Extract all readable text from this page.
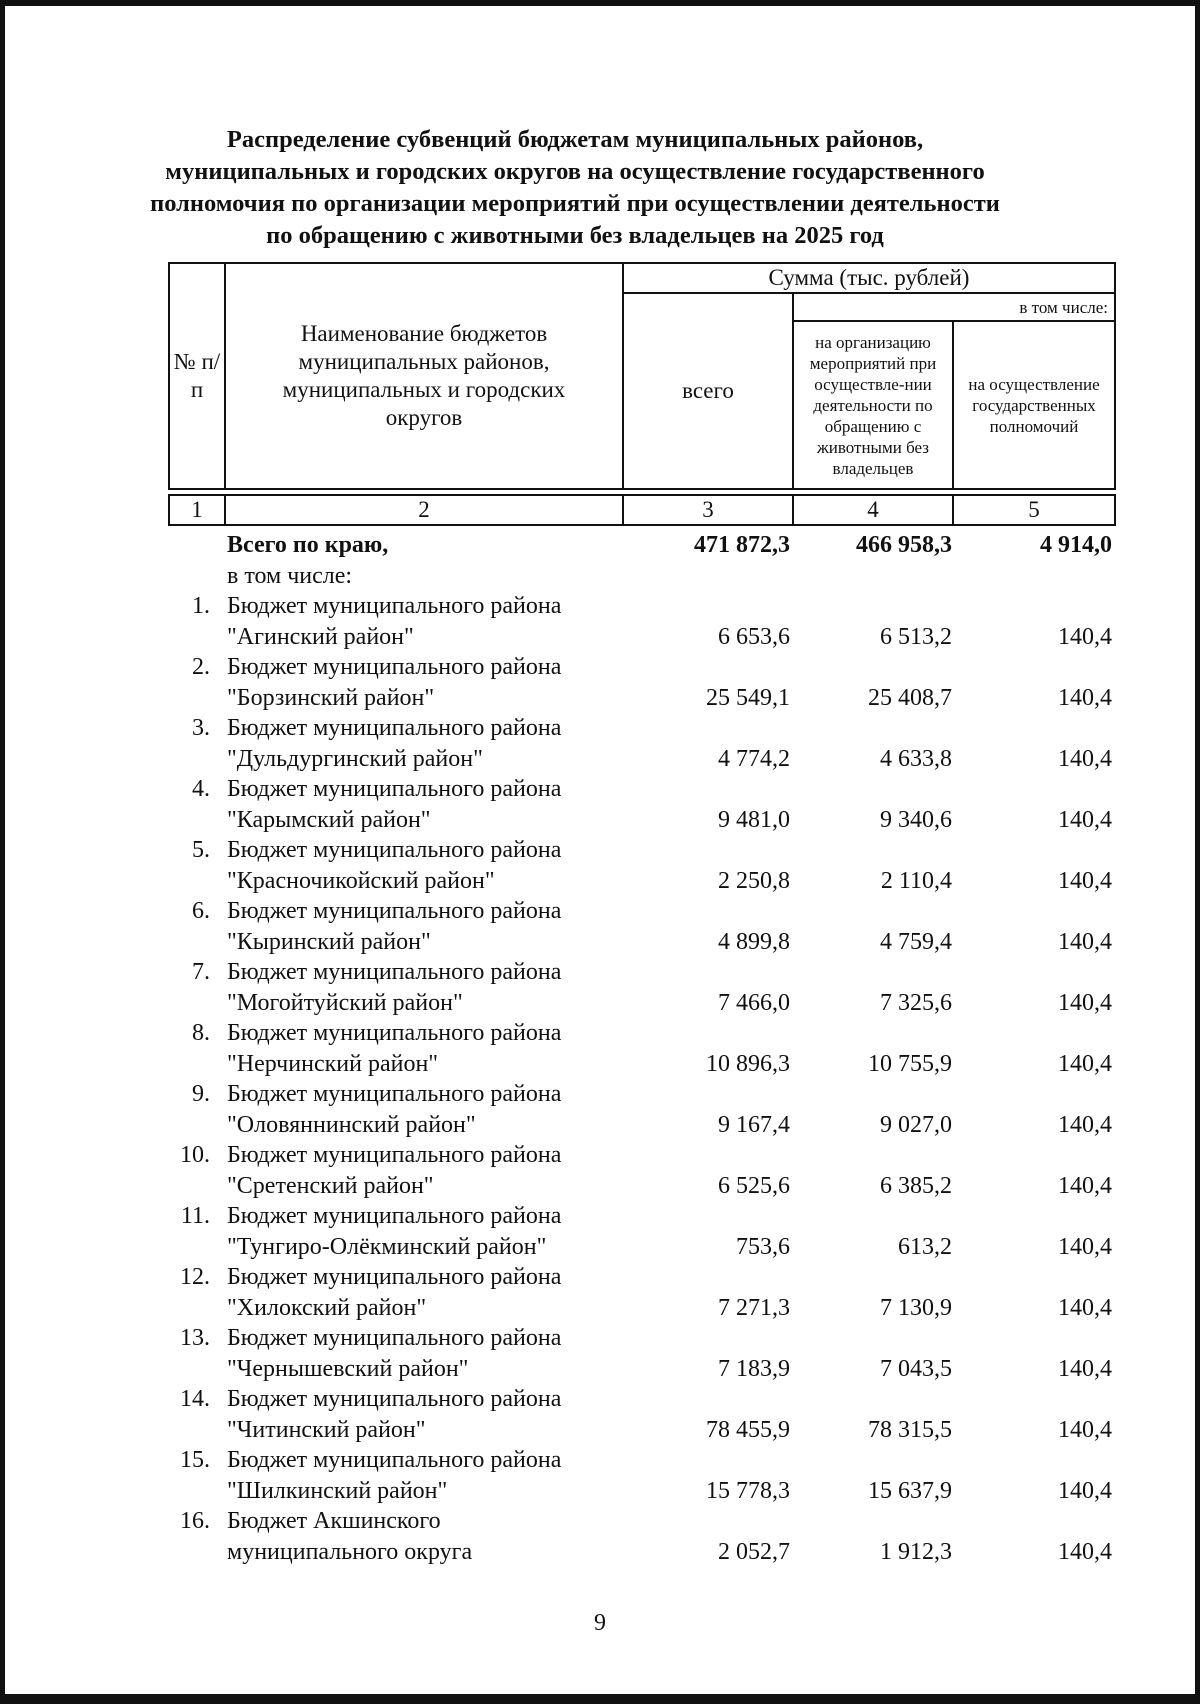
Распределение субвенций бюджетам муниципальных районов, муниципальных и городских округов на осуществление государственного полномочия по организации мероприятий при осуществлении деятельности по обращению с животными без владельцев на 2025 год
№ п/п	Наименование бюджетов муниципальных районов, муниципальных и городских округов	Сумма (тыс. рублей)		
		всего	в том числе:	
			на организацию мероприятий при осуществле-нии деятельности по обращению с животными без владельцев	на осуществление государственных полномочий

1	2	3	4	5
Всего по краю,	471 872,3	466 958,3	4 914,0
в том числе:
1. Бюджет муниципального района
"Агинский район"	6 653,6	6 513,2	140,4
2. Бюджет муниципального района
"Борзинский район"	25 549,1	25 408,7	140,4
3. Бюджет муниципального района
"Дульдургинский район"	4 774,2	4 633,8	140,4
4. Бюджет муниципального района
"Карымский район"	9 481,0	9 340,6	140,4
5. Бюджет муниципального района
"Красночикойский район"	2 250,8	2 110,4	140,4
6. Бюджет муниципального района
"Кыринский район"	4 899,8	4 759,4	140,4
7. Бюджет муниципального района
"Могойтуйский район"	7 466,0	7 325,6	140,4
8. Бюджет муниципального района
"Нерчинский район"	10 896,3	10 755,9	140,4
9. Бюджет муниципального района
"Оловяннинский район"	9 167,4	9 027,0	140,4
10. Бюджет муниципального района
"Сретенский район"	6 525,6	6 385,2	140,4
11. Бюджет муниципального района
"Тунгиро-Олёкминский район"	753,6	613,2	140,4
12. Бюджет муниципального района
"Хилокский район"	7 271,3	7 130,9	140,4
13. Бюджет муниципального района
"Чернышевский район"	7 183,9	7 043,5	140,4
14. Бюджет муниципального района
"Читинский район"	78 455,9	78 315,5	140,4
15. Бюджет муниципального района
"Шилкинский район"	15 778,3	15 637,9	140,4
16. Бюджет Акшинского
муниципального округа	2 052,7	1 912,3	140,4
9
